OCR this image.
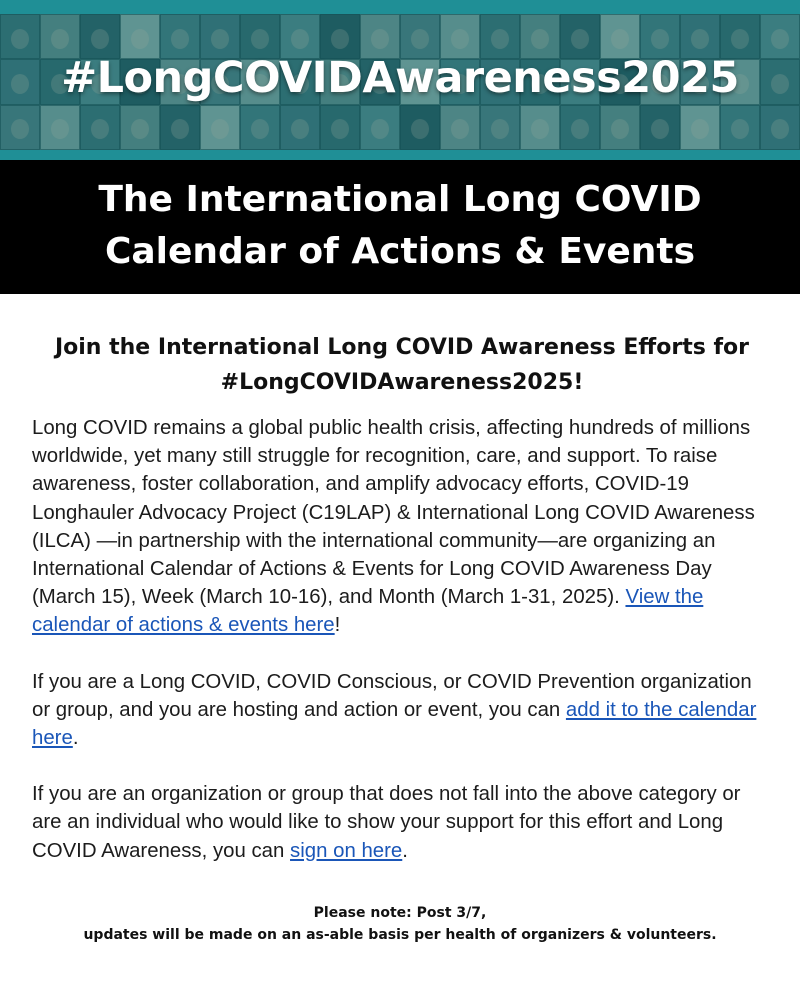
#LongCOVIDAwareness2025
The International Long COVID
Calendar of Actions & Events
Join the International Long COVID Awareness Efforts for
#LongCOVIDAwareness2025!

Long COVID remains a global public health crisis, affecting hundreds of millions worldwide, yet many still struggle for recognition, care, and support. To raise awareness, foster collaboration, and amplify advocacy efforts, COVID-19 Longhauler Advocacy Project (C19LAP) & International Long COVID Awareness (ILCA) —in partnership with the international community—are organizing an International Calendar of Actions & Events for Long COVID Awareness Day (March 15), Week (March 10-16), and Month (March 1-31, 2025). View the calendar of actions & events here!

If you are a Long COVID, COVID Conscious, or COVID Prevention organization or group, and you are hosting and action or event, you can add it to the calendar here.

If you are an organization or group that does not fall into the above category or are an individual who would like to show your support for this effort and Long COVID Awareness, you can sign on here.

Please note: Post 3/7,
updates will be made on an as-able basis per health of organizers & volunteers.
